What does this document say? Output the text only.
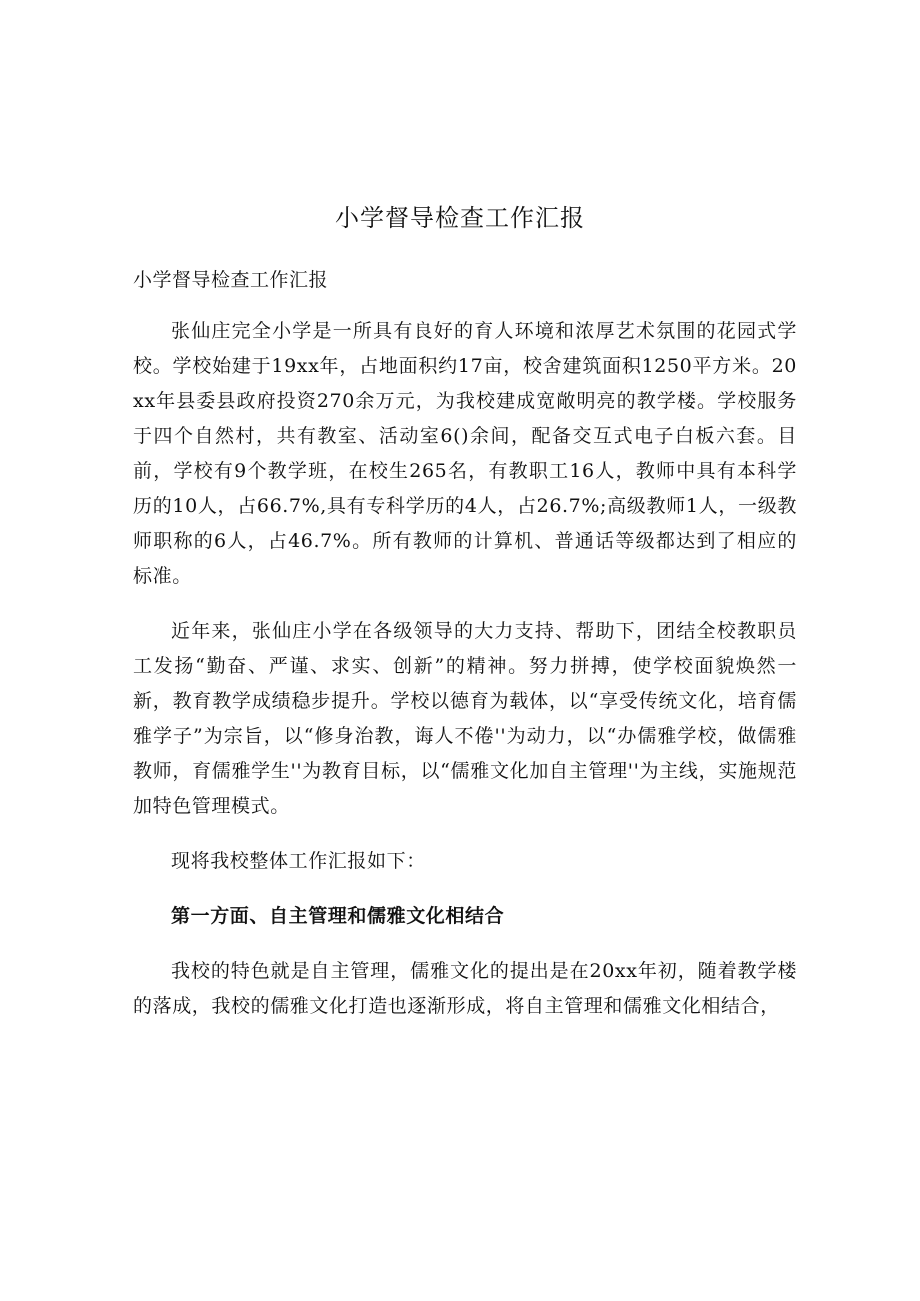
小学督导检查工作汇报
小学督导检查工作汇报

张仙庄完全小学是一所具有良好的育人环境和浓厚艺术氛围的花园式学校。学校始建于19xx年，占地面积约17亩，校舍建筑面积1250平方米。20xx年县委县政府投资270余万元，为我校建成宽敞明亮的教学楼。学校服务于四个自然村，共有教室、活动室6()余间，配备交互式电子白板六套。目前，学校有9个教学班，在校生265名，有教职工16人，教师中具有本科学历的10人，占66.7%,具有专科学历的4人，占26.7%;高级教师1人，一级教师职称的6人，占46.7%。所有教师的计算机、普通话等级都达到了相应的标准。

近年来，张仙庄小学在各级领导的大力支持、帮助下，团结全校教职员工发扬“勤奋、严谨、求实、创新”的精神。努力拼搏，使学校面貌焕然一新，教育教学成绩稳步提升。学校以德育为载体，以“享受传统文化，培育儒雅学子”为宗旨，以“修身治教，诲人不倦''为动力，以“办儒雅学校，做儒雅教师，育儒雅学生''为教育目标，以“儒雅文化加自主管理''为主线，实施规范加特色管理模式。

现将我校整体工作汇报如下：

第一方面、自主管理和儒雅文化相结合

我校的特色就是自主管理，儒雅文化的提出是在20xx年初，随着教学楼的落成，我校的儒雅文化打造也逐渐形成，将自主管理和儒雅文化相结合，
